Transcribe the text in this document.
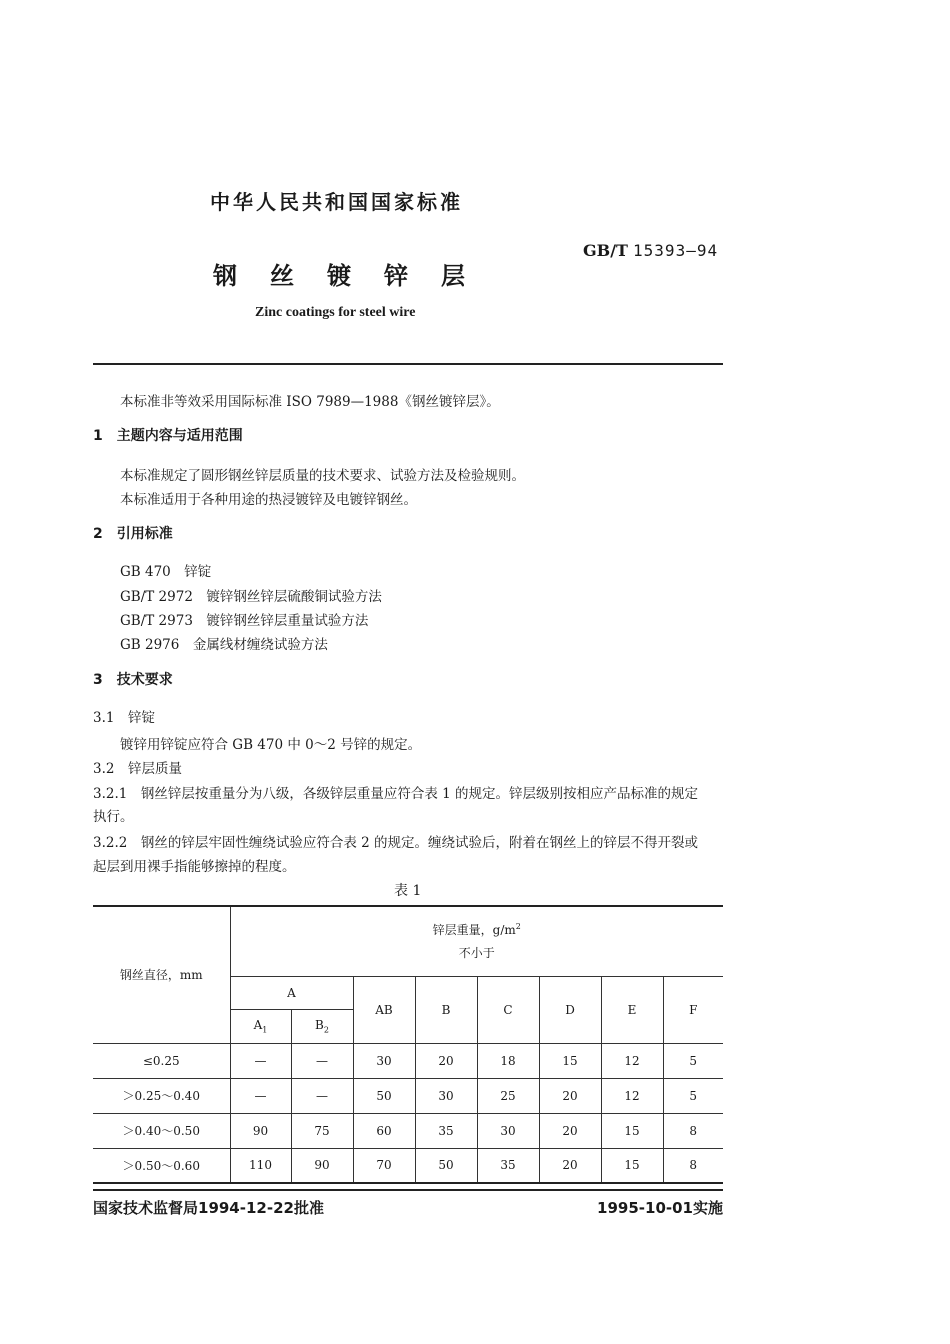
中华人民共和国国家标准
GB/T 15393—94
钢丝镀锌层
Zinc coatings for steel wire
本标准非等效采用国际标准 ISO 7989—1988《钢丝镀锌层》。
1　主题内容与适用范围
本标准规定了圆形钢丝锌层质量的技术要求、试验方法及检验规则。
本标准适用于各种用途的热浸镀锌及电镀锌钢丝。
2　引用标准
GB 470　锌锭
GB/T 2972　镀锌钢丝锌层硫酸铜试验方法
GB/T 2973　镀锌钢丝锌层重量试验方法
GB 2976　金属线材缠绕试验方法
3　技术要求
3.1　锌锭
镀锌用锌锭应符合 GB 470 中 0～2 号锌的规定。
3.2　锌层质量
3.2.1　钢丝锌层按重量分为八级，各级锌层重量应符合表 1 的规定。锌层级别按相应产品标准的规定
执行。
3.2.2　钢丝的锌层牢固性缠绕试验应符合表 2 的规定。缠绕试验后，附着在钢丝上的锌层不得开裂或
起层到用裸手指能够擦掉的程度。
表 1
钢丝直径，mm	锌层重量，$g/m^2$
不小于							

	A		AB	B	C	D	E	F
	$A_1$	$B_2$
≤0.25	—	—	30	20	18	15	12	5
＞0.25～0.40	—	—	50	30	25	20	12	5
＞0.40～0.50	90	75	60	35	30	20	15	8
＞0.50～0.60	110	90	70	50	35	20	15	8
国家技术监督局1994-12-22批准	1995-10-01实施
